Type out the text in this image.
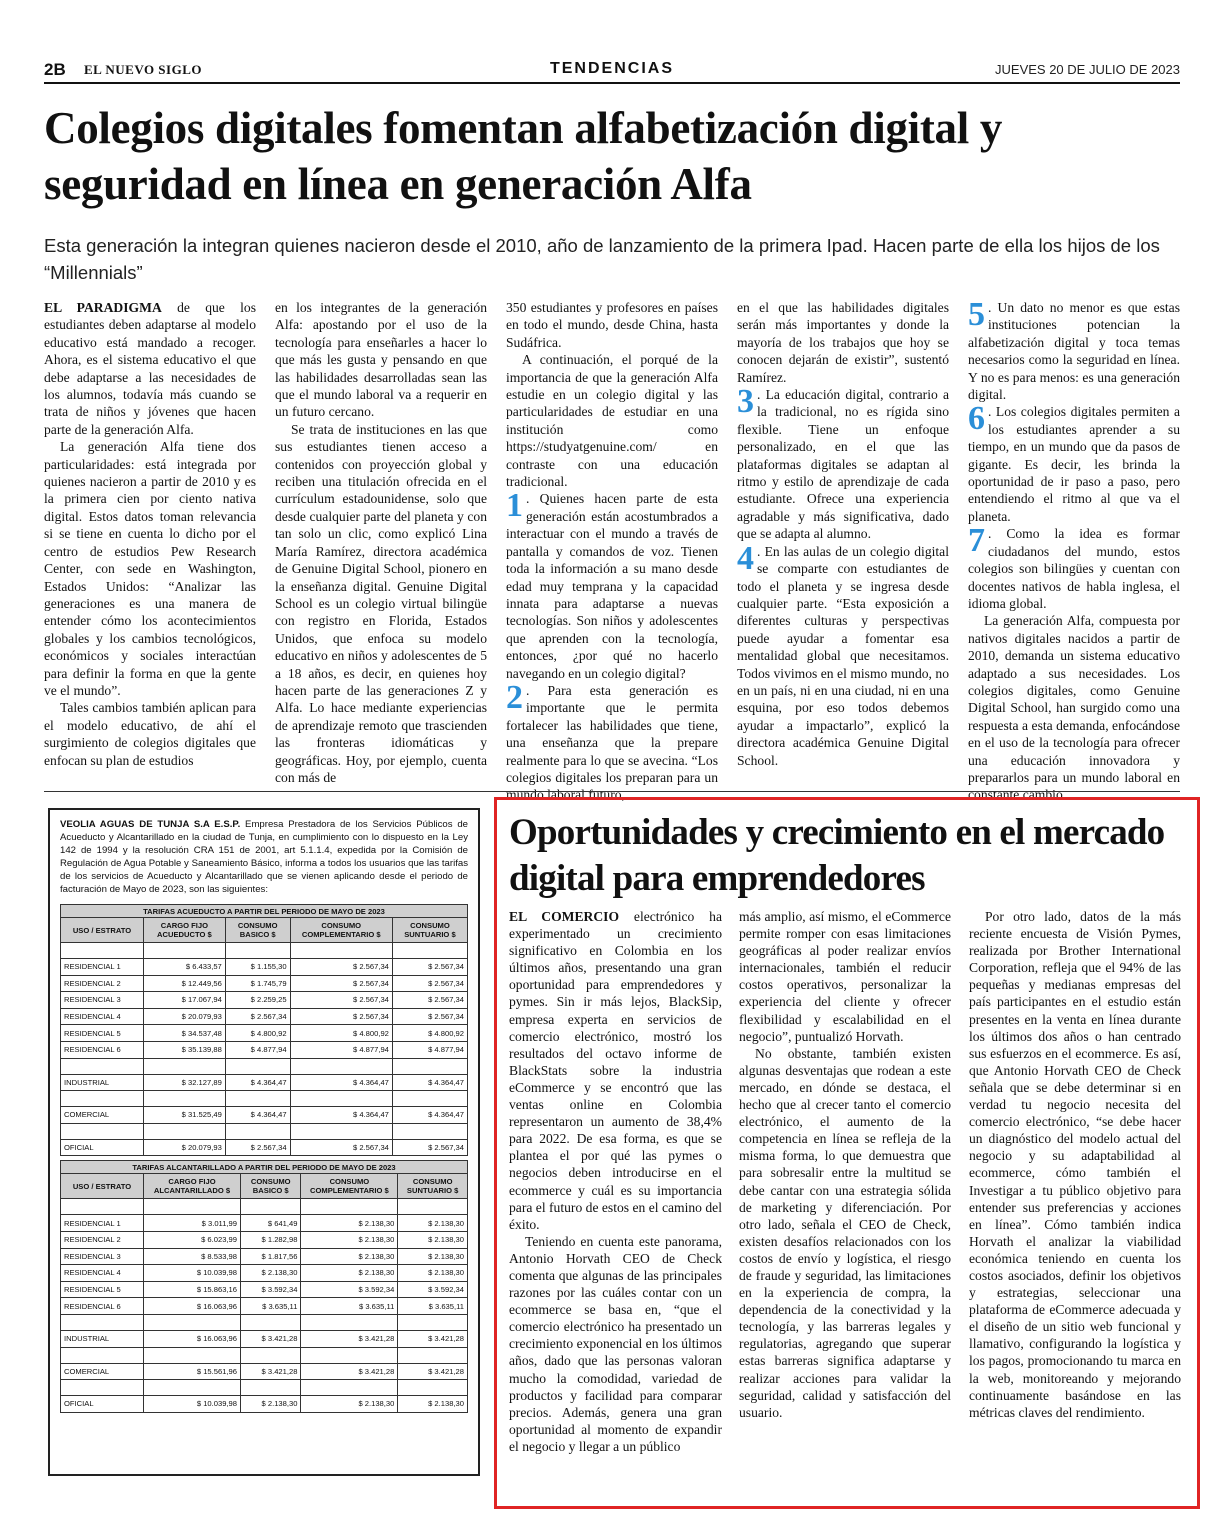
2B EL NUEVO SIGLO	TENDENCIAS	JUEVES 20 DE JULIO DE 2023
Colegios digitales fomentan alfabetización digital y seguridad en línea en generación Alfa

Esta generación la integran quienes nacieron desde el 2010, año de lanzamiento de la primera Ipad. Hacen parte de ella los hijos de los “Millennials”

EL PARADIGMA de que los estudiantes deben adaptarse al modelo educativo está mandado a recoger. Ahora, es el sistema educativo el que debe adaptarse a las necesidades de los alumnos, todavía más cuando se trata de niños y jóvenes que hacen parte de la generación Alfa.

La generación Alfa tiene dos particularidades: está integrada por quienes nacieron a partir de 2010 y es la primera cien por ciento nativa digital. Estos datos toman relevancia si se tiene en cuenta lo dicho por el centro de estudios Pew Research Center, con sede en Washington, Estados Unidos: “Analizar las generaciones es una manera de entender cómo los acontecimientos globales y los cambios tecnológicos, económicos y sociales interactúan para definir la forma en que la gente ve el mundo”.

Tales cambios también aplican para el modelo educativo, de ahí el surgimiento de colegios digitales que enfocan su plan de estudios

en los integrantes de la generación Alfa: apostando por el uso de la tecnología para enseñarles a hacer lo que más les gusta y pensando en que las habilidades desarrolladas sean las que el mundo laboral va a requerir en un futuro cercano.

Se trata de instituciones en las que sus estudiantes tienen acceso a contenidos con proyección global y reciben una titulación ofrecida en el currículum estadounidense, solo que desde cualquier parte del planeta y con tan solo un clic, como explicó Lina María Ramírez, directora académica de Genuine Digital School, pionero en la enseñanza digital. Genuine Digital School es un colegio virtual bilingüe con registro en Florida, Estados Unidos, que enfoca su modelo educativo en niños y adolescentes de 5 a 18 años, es decir, en quienes hoy hacen parte de las generaciones Z y Alfa. Lo hace mediante experiencias de aprendizaje remoto que trascienden las fronteras idiomáticas y geográficas. Hoy, por ejemplo, cuenta con más de

350 estudiantes y profesores en países en todo el mundo, desde China, hasta Sudáfrica.

A continuación, el porqué de la importancia de que la generación Alfa estudie en un colegio digital y las particularidades de estudiar en una institución como https://studyatgenuine.com/ en contraste con una educación tradicional.

1 . Quienes hacen parte de esta generación están acostumbrados a interactuar con el mundo a través de pantalla y comandos de voz. Tienen toda la información a su mano desde edad muy temprana y la capacidad innata para adaptarse a nuevas tecnologías. Son niños y adolescentes que aprenden con la tecnología, entonces, ¿por qué no hacerlo navegando en un colegio digital?

2 . Para esta generación es importante que le permita fortalecer las habilidades que tiene, una enseñanza que la prepare realmente para lo que se avecina. “Los colegios digitales los preparan para un mundo laboral futuro,

en el que las habilidades digitales serán más importantes y donde la mayoría de los trabajos que hoy se conocen dejarán de existir”, sustentó Ramírez.

3 . La educación digital, contrario a la tradicional, no es rígida sino flexible. Tiene un enfoque personalizado, en el que las plataformas digitales se adaptan al ritmo y estilo de aprendizaje de cada estudiante. Ofrece una experiencia agradable y más significativa, dado que se adapta al alumno.

4 . En las aulas de un colegio digital se comparte con estudiantes de todo el planeta y se ingresa desde cualquier parte. “Esta exposición a diferentes culturas y perspectivas puede ayudar a fomentar esa mentalidad global que necesitamos. Todos vivimos en el mismo mundo, no en un país, ni en una ciudad, ni en una esquina, por eso todos debemos ayudar a impactarlo”, explicó la directora académica Genuine Digital School.

5 . Un dato no menor es que estas instituciones potencian la alfabetización digital y toca temas necesarios como la seguridad en línea. Y no es para menos: es una generación digital.

6 . Los colegios digitales permiten a los estudiantes aprender a su tiempo, en un mundo que da pasos de gigante. Es decir, les brinda la oportunidad de ir paso a paso, pero entendiendo el ritmo al que va el planeta.

7 . Como la idea es formar ciudadanos del mundo, estos colegios son bilingües y cuentan con docentes nativos de habla inglesa, el idioma global.

La generación Alfa, compuesta por nativos digitales nacidos a partir de 2010, demanda un sistema educativo adaptado a sus necesidades. Los colegios digitales, como Genuine Digital School, han surgido como una respuesta a esta demanda, enfocándose en el uso de la tecnología para ofrecer una educación innovadora y prepararlos para un mundo laboral en constante cambio.

VEOLIA AGUAS DE TUNJA S.A E.S.P. Empresa Prestadora de los Servicios Públicos de Acueducto y Alcantarillado en la ciudad de Tunja, en cumplimiento con lo dispuesto en la Ley 142 de 1994 y la resolución CRA 151 de 2001, art 5.1.1.4, expedida por la Comisión de Regulación de Agua Potable y Saneamiento Básico, informa a todos los usuarios que las tarifas de los servicios de Acueducto y Alcantarillado que se vienen aplicando desde el periodo de facturación de Mayo de 2023, son las siguientes:

TARIFAS ACUEDUCTO A PARTIR DEL PERIODO DE MAYO DE 2023				
USO / ESTRATO	CARGO FIJO ACUEDUCTO $	CONSUMO BASICO $	CONSUMO COMPLEMENTARIO $	CONSUMO SUNTUARIO $

RESIDENCIAL 1	$ 6.433,57	$ 1.155,30	$ 2.567,34	$ 2.567,34
RESIDENCIAL 2	$ 12.449,56	$ 1.745,79	$ 2.567,34	$ 2.567,34
RESIDENCIAL 3	$ 17.067,94	$ 2.259,25	$ 2.567,34	$ 2.567,34
RESIDENCIAL 4	$ 20.079,93	$ 2.567,34	$ 2.567,34	$ 2.567,34
RESIDENCIAL 5	$ 34.537,48	$ 4.800,92	$ 4.800,92	$ 4.800,92
RESIDENCIAL 6	$ 35.139,88	$ 4.877,94	$ 4.877,94	$ 4.877,94

INDUSTRIAL	$ 32.127,89	$ 4.364,47	$ 4.364,47	$ 4.364,47

COMERCIAL	$ 31.525,49	$ 4.364,47	$ 4.364,47	$ 4.364,47

OFICIAL	$ 20.079,93	$ 2.567,34	$ 2.567,34	$ 2.567,34
TARIFAS ALCANTARILLADO A PARTIR DEL PERIODO DE MAYO DE 2023				
USO / ESTRATO	CARGO FIJO ALCANTARILLADO $	CONSUMO BASICO $	CONSUMO COMPLEMENTARIO $	CONSUMO SUNTUARIO $

RESIDENCIAL 1	$ 3.011,99	$ 641,49	$ 2.138,30	$ 2.138,30
RESIDENCIAL 2	$ 6.023,99	$ 1.282,98	$ 2.138,30	$ 2.138,30
RESIDENCIAL 3	$ 8.533,98	$ 1.817,56	$ 2.138,30	$ 2.138,30
RESIDENCIAL 4	$ 10.039,98	$ 2.138,30	$ 2.138,30	$ 2.138,30
RESIDENCIAL 5	$ 15.863,16	$ 3.592,34	$ 3.592,34	$ 3.592,34
RESIDENCIAL 6	$ 16.063,96	$ 3.635,11	$ 3.635,11	$ 3.635,11

INDUSTRIAL	$ 16.063,96	$ 3.421,28	$ 3.421,28	$ 3.421,28

COMERCIAL	$ 15.561,96	$ 3.421,28	$ 3.421,28	$ 3.421,28

OFICIAL	$ 10.039,98	$ 2.138,30	$ 2.138,30	$ 2.138,30
Oportunidades y crecimiento en el mercado digital para emprendedores

EL COMERCIO electrónico ha experimentado un crecimiento significativo en Colombia en los últimos años, presentando una gran oportunidad para emprendedores y pymes. Sin ir más lejos, BlackSip, empresa experta en servicios de comercio electrónico, mostró los resultados del octavo informe de BlackStats sobre la industria eCommerce y se encontró que las ventas online en Colombia representaron un aumento de 38,4% para 2022. De esa forma, es que se plantea el por qué las pymes o negocios deben introducirse en el ecommerce y cuál es su importancia para el futuro de estos en el camino del éxito.

Teniendo en cuenta este panorama, Antonio Horvath CEO de Check comenta que algunas de las principales razones por las cuáles contar con un ecommerce se basa en, “que el comercio electrónico ha presentado un crecimiento exponencial en los últimos años, dado que las personas valoran mucho la comodidad, variedad de productos y facilidad para comparar precios. Además, genera una gran oportunidad al momento de expandir el negocio y llegar a un público

más amplio, así mismo, el eCommerce permite romper con esas limitaciones geográficas al poder realizar envíos internacionales, también el reducir costos operativos, personalizar la experiencia del cliente y ofrecer flexibilidad y escalabilidad en el negocio”, puntualizó Horvath.

No obstante, también existen algunas desventajas que rodean a este mercado, en dónde se destaca, el hecho que al crecer tanto el comercio electrónico, el aumento de la competencia en línea se refleja de la misma forma, lo que demuestra que para sobresalir entre la multitud se debe cantar con una estrategia sólida de marketing y diferenciación. Por otro lado, señala el CEO de Check, existen desafíos relacionados con los costos de envío y logística, el riesgo de fraude y seguridad, las limitaciones en la experiencia de compra, la dependencia de la conectividad y la tecnología, y las barreras legales y regulatorias, agregando que superar estas barreras significa adaptarse y realizar acciones para validar la seguridad, calidad y satisfacción del usuario.

Por otro lado, datos de la más reciente encuesta de Visión Pymes, realizada por Brother International Corporation, refleja que el 94% de las pequeñas y medianas empresas del país participantes en el estudio están presentes en la venta en línea durante los últimos dos años o han centrado sus esfuerzos en el ecommerce. Es así, que Antonio Horvath CEO de Check señala que se debe determinar si en verdad tu negocio necesita del comercio electrónico, “se debe hacer un diagnóstico del modelo actual del negocio y su adaptabilidad al ecommerce, cómo también el Investigar a tu público objetivo para entender sus preferencias y acciones en línea”. Cómo también indica Horvath el analizar la viabilidad económica teniendo en cuenta los costos asociados, definir los objetivos y estrategias, seleccionar una plataforma de eCommerce adecuada y el diseño de un sitio web funcional y llamativo, configurando la logística y los pagos, promocionando tu marca en la web, monitoreando y mejorando continuamente basándose en las métricas claves del rendimiento.
